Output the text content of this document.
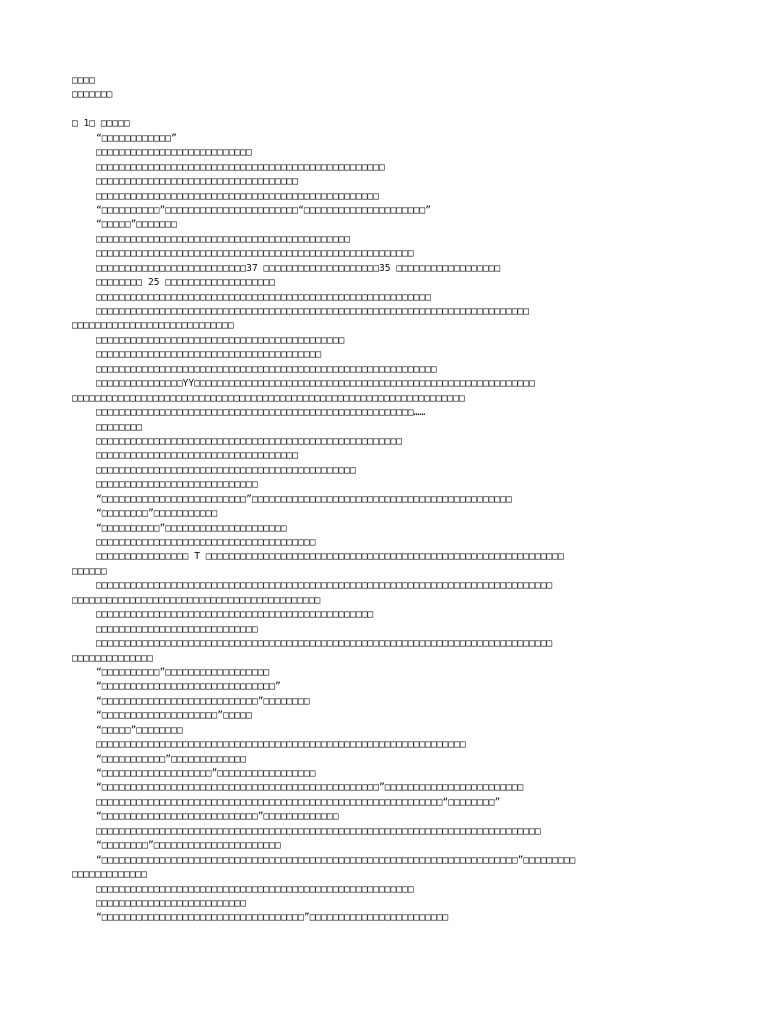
□□□□
□□□□□□□
□ 1□ □□□□□
“□□□□□□□□□□□□”
□□□□□□□□□□□□□□□□□□□□□□□□□□□
□□□□□□□□□□□□□□□□□□□□□□□□□□□□□□□□□□□□□□□□□□□□□□□□□□
□□□□□□□□□□□□□□□□□□□□□□□□□□□□□□□□□□□
□□□□□□□□□□□□□□□□□□□□□□□□□□□□□□□□□□□□□□□□□□□□□□□□□
“□□□□□□□□□□”□□□□□□□□□□□□□□□□□□□□□□□“□□□□□□□□□□□□□□□□□□□□□”
“□□□□□”□□□□□□□
□□□□□□□□□□□□□□□□□□□□□□□□□□□□□□□□□□□□□□□□□□□□
□□□□□□□□□□□□□□□□□□□□□□□□□□□□□□□□□□□□□□□□□□□□□□□□□□□□□□□
□□□□□□□□□□□□□□□□□□□□□□□□□□37 □□□□□□□□□□□□□□□□□□□□35 □□□□□□□□□□□□□□□□□□
□□□□□□□□ 25 □□□□□□□□□□□□□□□□□□□
□□□□□□□□□□□□□□□□□□□□□□□□□□□□□□□□□□□□□□□□□□□□□□□□□□□□□□□□□□
□□□□□□□□□□□□□□□□□□□□□□□□□□□□□□□□□□□□□□□□□□□□□□□□□□□□□□□□□□□□□□□□□□□□□□□□□□□
□□□□□□□□□□□□□□□□□□□□□□□□□□□□
□□□□□□□□□□□□□□□□□□□□□□□□□□□□□□□□□□□□□□□□□□□
□□□□□□□□□□□□□□□□□□□□□□□□□□□□□□□□□□□□□□□
□□□□□□□□□□□□□□□□□□□□□□□□□□□□□□□□□□□□□□□□□□□□□□□□□□□□□□□□□□□
□□□□□□□□□□□□□□□YY□□□□□□□□□□□□□□□□□□□□□□□□□□□□□□□□□□□□□□□□□□□□□□□□□□□□□□□□□□□
□□□□□□□□□□□□□□□□□□□□□□□□□□□□□□□□□□□□□□□□□□□□□□□□□□□□□□□□□□□□□□□□□□□□
□□□□□□□□□□□□□□□□□□□□□□□□□□□□□□□□□□□□□□□□□□□□□□□□□□□□□□□……
□□□□□□□□
□□□□□□□□□□□□□□□□□□□□□□□□□□□□□□□□□□□□□□□□□□□□□□□□□□□□□
□□□□□□□□□□□□□□□□□□□□□□□□□□□□□□□□□□□
□□□□□□□□□□□□□□□□□□□□□□□□□□□□□□□□□□□□□□□□□□□□□
□□□□□□□□□□□□□□□□□□□□□□□□□□□□
“□□□□□□□□□□□□□□□□□□□□□□□□□”□□□□□□□□□□□□□□□□□□□□□□□□□□□□□□□□□□□□□□□□□□□□□
“□□□□□□□□”□□□□□□□□□□□
“□□□□□□□□□□”□□□□□□□□□□□□□□□□□□□□□
□□□□□□□□□□□□□□□□□□□□□□□□□□□□□□□□□□□□□□
□□□□□□□□□□□□□□□□ T □□□□□□□□□□□□□□□□□□□□□□□□□□□□□□□□□□□□□□□□□□□□□□□□□□□□□□□□□□□□□□
□□□□□□
□□□□□□□□□□□□□□□□□□□□□□□□□□□□□□□□□□□□□□□□□□□□□□□□□□□□□□□□□□□□□□□□□□□□□□□□□□□□□□□
□□□□□□□□□□□□□□□□□□□□□□□□□□□□□□□□□□□□□□□□□□□
□□□□□□□□□□□□□□□□□□□□□□□□□□□□□□□□□□□□□□□□□□□□□□□□
□□□□□□□□□□□□□□□□□□□□□□□□□□□□
□□□□□□□□□□□□□□□□□□□□□□□□□□□□□□□□□□□□□□□□□□□□□□□□□□□□□□□□□□□□□□□□□□□□□□□□□□□□□□□
□□□□□□□□□□□□□□
“□□□□□□□□□□”□□□□□□□□□□□□□□□□□□
“□□□□□□□□□□□□□□□□□□□□□□□□□□□□□□”
“□□□□□□□□□□□□□□□□□□□□□□□□□□□”□□□□□□□□
“□□□□□□□□□□□□□□□□□□□□”□□□□□
“□□□□□”□□□□□□□□
□□□□□□□□□□□□□□□□□□□□□□□□□□□□□□□□□□□□□□□□□□□□□□□□□□□□□□□□□□□□□□□□
“□□□□□□□□□□□”□□□□□□□□□□□□□
“□□□□□□□□□□□□□□□□□□□”□□□□□□□□□□□□□□□□□
“□□□□□□□□□□□□□□□□□□□□□□□□□□□□□□□□□□□□□□□□□□□□□□□□”□□□□□□□□□□□□□□□□□□□□□□□□
□□□□□□□□□□□□□□□□□□□□□□□□□□□□□□□□□□□□□□□□□□□□□□□□□□□□□□□□□□□□“□□□□□□□□”
“□□□□□□□□□□□□□□□□□□□□□□□□□□□”□□□□□□□□□□□□□
□□□□□□□□□□□□□□□□□□□□□□□□□□□□□□□□□□□□□□□□□□□□□□□□□□□□□□□□□□□□□□□□□□□□□□□□□□□□□
“□□□□□□□□”□□□□□□□□□□□□□□□□□□□□□□
“□□□□□□□□□□□□□□□□□□□□□□□□□□□□□□□□□□□□□□□□□□□□□□□□□□□□□□□□□□□□□□□□□□□□□□□□”□□□□□□□□□
□□□□□□□□□□□□□
□□□□□□□□□□□□□□□□□□□□□□□□□□□□□□□□□□□□□□□□□□□□□□□□□□□□□□□
□□□□□□□□□□□□□□□□□□□□□□□□□□
“□□□□□□□□□□□□□□□□□□□□□□□□□□□□□□□□□□□”□□□□□□□□□□□□□□□□□□□□□□□□
